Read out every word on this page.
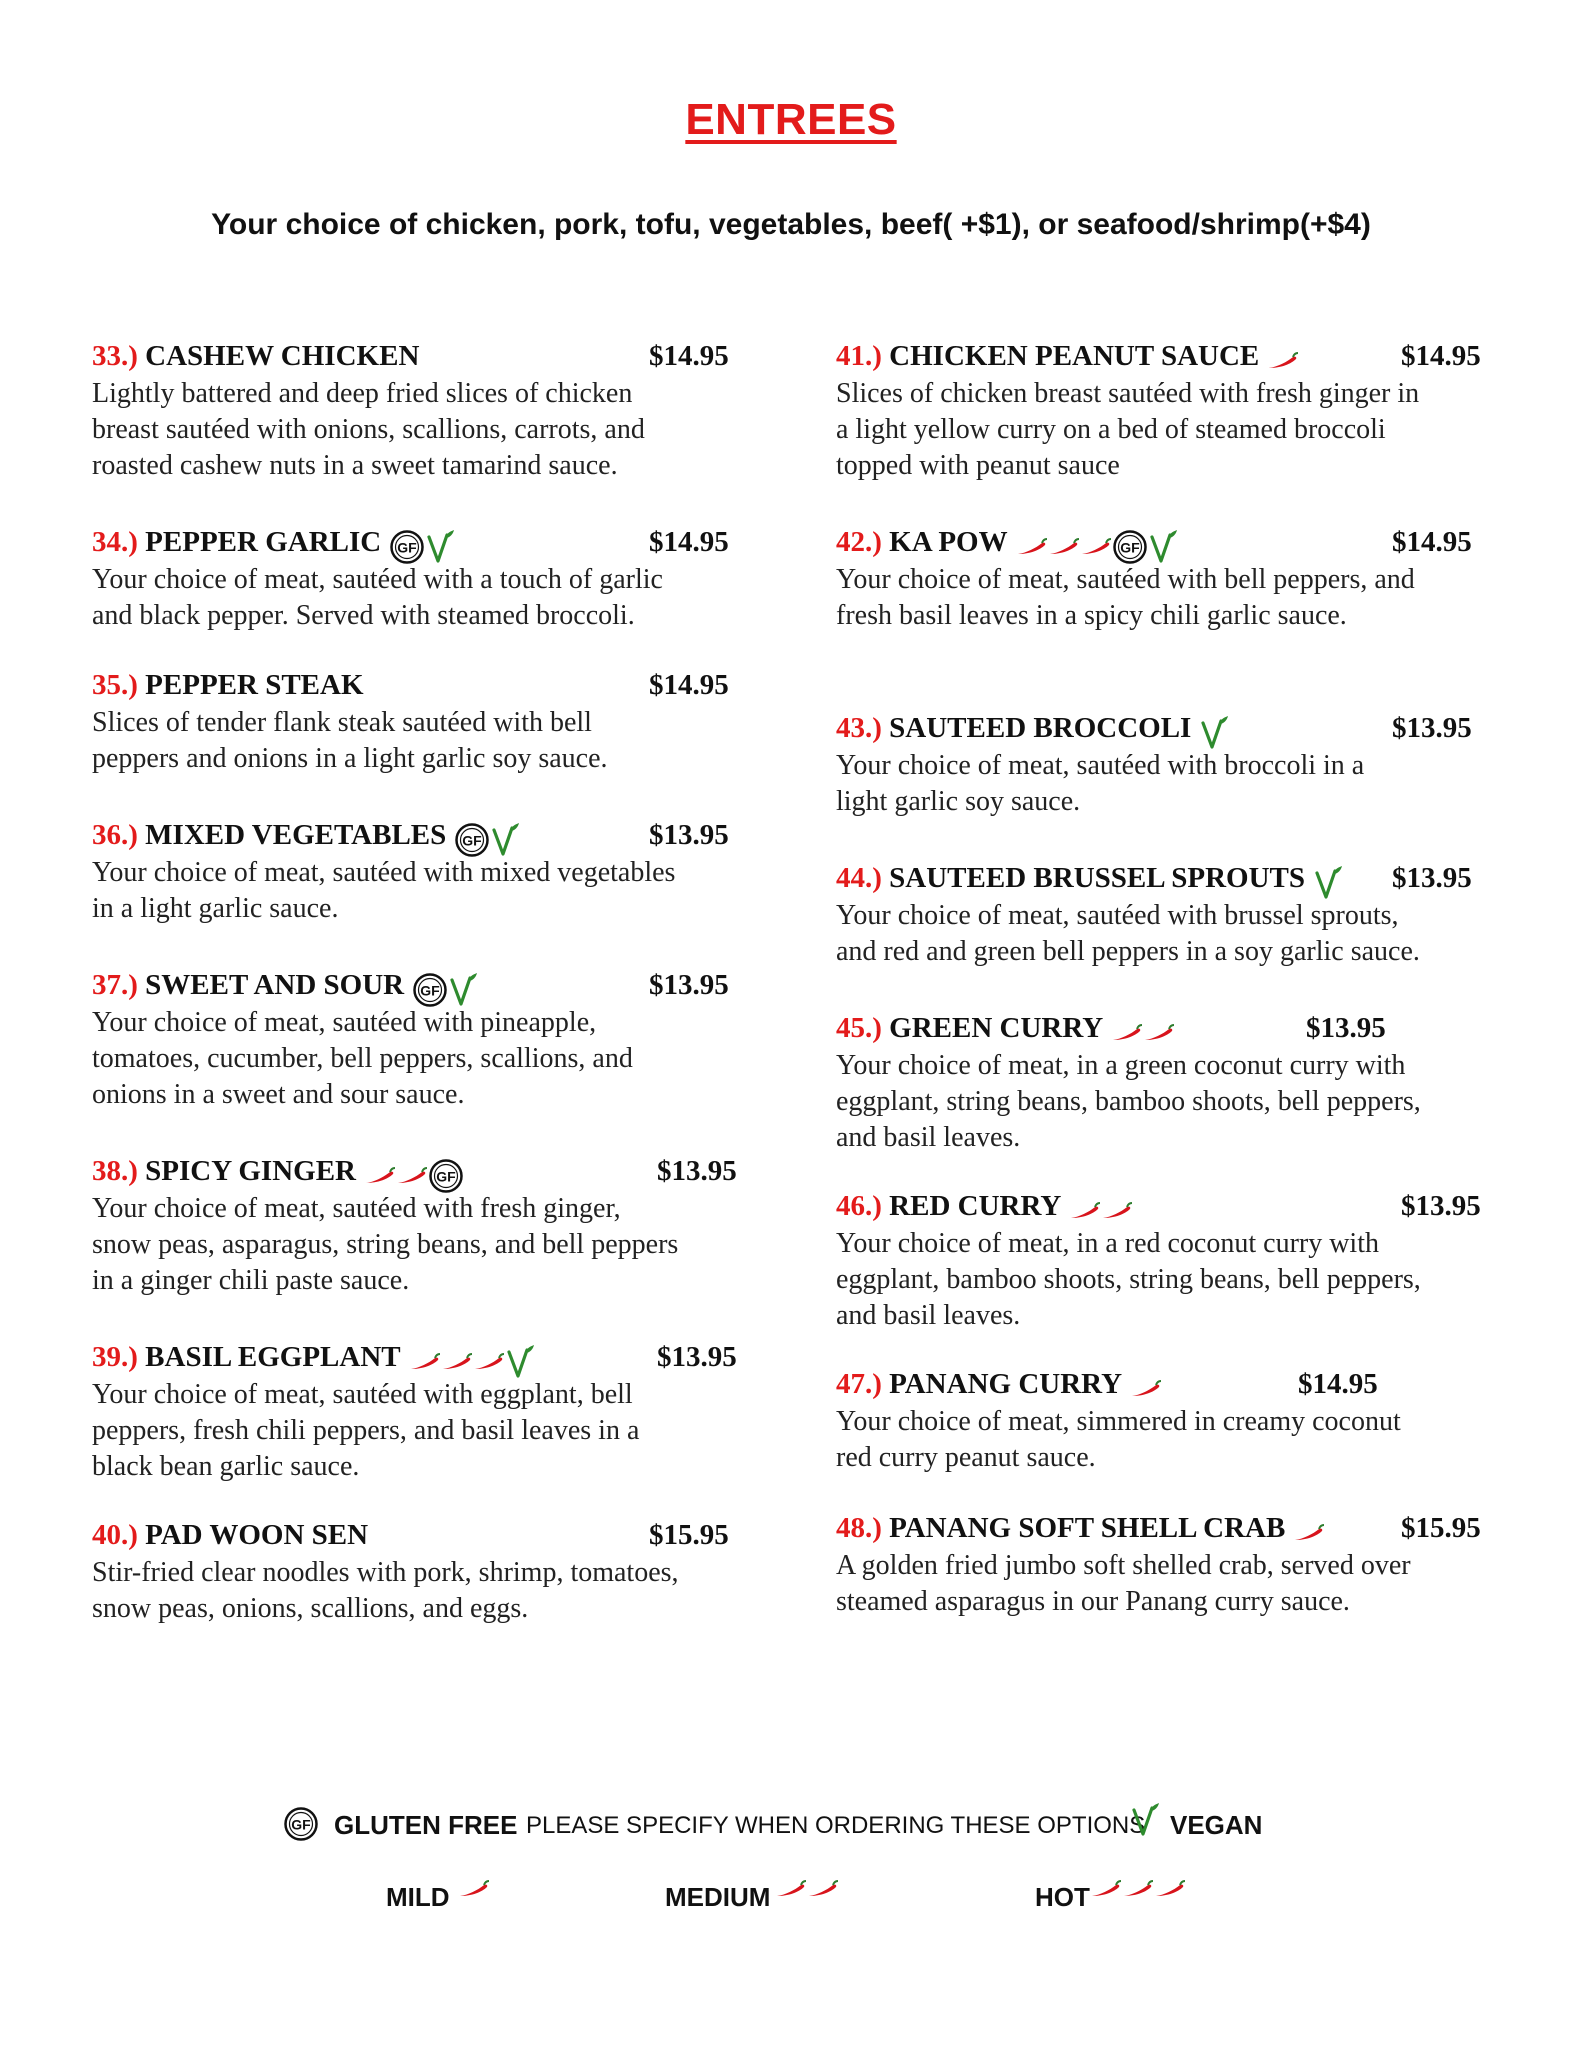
ENTREES
Your choice of chicken, pork, tofu, vegetables, beef( +$1), or seafood/shrimp(+$4)
33.) CASHEW CHICKEN	$14.95
Lightly battered and deep fried slices of chicken
breast sautéed with onions, scallions, carrots, and
roasted cashew nuts in a sweet tamarind sauce.
34.) PEPPER GARLIC GF	$14.95
Your choice of meat, sautéed with a touch of garlic
and black pepper. Served with steamed broccoli.
35.) PEPPER STEAK	$14.95
Slices of tender flank steak sautéed with bell
peppers and onions in a light garlic soy sauce.
36.) MIXED VEGETABLES GF	$13.95
Your choice of meat, sautéed with mixed vegetables
in a light garlic sauce.
37.) SWEET AND SOUR GF	$13.95
Your choice of meat, sautéed with pineapple,
tomatoes, cucumber, bell peppers, scallions, and
onions in a sweet and sour sauce.
38.) SPICY GINGER	GF	$13.95
Your choice of meat, sautéed with fresh ginger,
snow peas, asparagus, string beans, and bell peppers
in a ginger chili paste sauce.
39.) BASIL EGGPLANT	$13.95
Your choice of meat, sautéed with eggplant, bell
peppers, fresh chili peppers, and basil leaves in a
black bean garlic sauce.
40.) PAD WOON SEN	$15.95
Stir-fried clear noodles with pork, shrimp, tomatoes,
snow peas, onions, scallions, and eggs.
41.) CHICKEN PEANUT SAUCE	$14.95
Slices of chicken breast sautéed with fresh ginger in
a light yellow curry on a bed of steamed broccoli
topped with peanut sauce
42.) KA POW	GF	$14.95
Your choice of meat, sautéed with bell peppers, and
fresh basil leaves in a spicy chili garlic sauce.
43.) SAUTEED BROCCOLI	$13.95
Your choice of meat, sautéed with broccoli in a
light garlic soy sauce.
44.) SAUTEED BRUSSEL SPROUTS	$13.95
Your choice of meat, sautéed with brussel sprouts,
and red and green bell peppers in a soy garlic sauce.
45.) GREEN CURRY	$13.95
Your choice of meat, in a green coconut curry with
eggplant, string beans, bamboo shoots, bell peppers,
and basil leaves.
46.) RED CURRY	$13.95
Your choice of meat, in a red coconut curry with
eggplant, bamboo shoots, string beans, bell peppers,
and basil leaves.
47.) PANANG CURRY	$14.95
Your choice of meat, simmered in creamy coconut
red curry peanut sauce.
48.) PANANG SOFT SHELL CRAB	$15.95
A golden fried jumbo soft shelled crab, served over
steamed asparagus in our Panang curry sauce.
GF GLUTEN FREE PLEASE SPECIFY WHEN ORDERING THESE OPTIONS VEGAN
MILD	MEDIUM	HOT
